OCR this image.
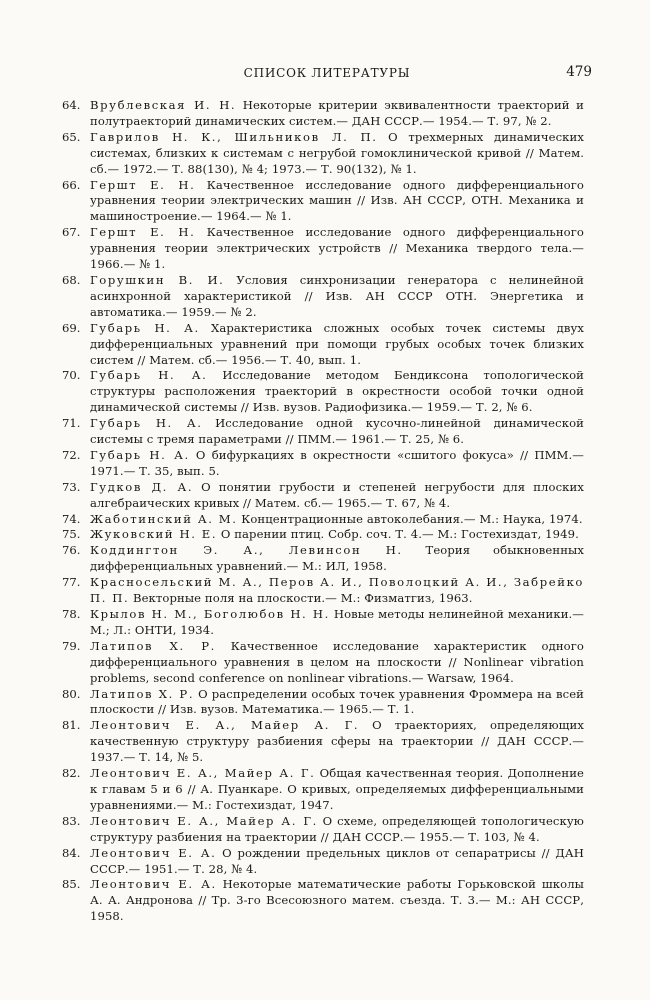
СПИСОК ЛИТЕРАТУРЫ	479
64. Врублевская И. Н. Некоторые критерии эквивалентности траекторий и полутраекторий динамических систем.— ДАН СССР.— 1954.— Т. 97, № 2.
65. Гаврилов Н. К., Шильников Л. П. О трехмерных динамических системах, близких к системам с негрубой гомоклинической кривой // Матем. сб.— 1972.— Т. 88(130), № 4; 1973.— Т. 90(132), № 1.
66. Гершт Е. Н. Качественное исследование одного дифференциального уравнения теории электрических машин // Изв. АН СССР, ОТН. Механика и машиностроение.— 1964.— № 1.
67. Гершт Е. Н. Качественное исследование одного дифференциального уравнения теории электрических устройств // Механика твердого тела.— 1966.— № 1.
68. Горушкин В. И. Условия синхронизации генератора с нелинейной асинхронной характеристикой // Изв. АН СССР ОТН. Энергетика и автоматика.— 1959.— № 2.
69. Губарь Н. А. Характеристика сложных особых точек системы двух дифференциальных уравнений при помощи грубых особых точек близких систем // Матем. сб.— 1956.— Т. 40, вып. 1.
70. Губарь Н. А. Исследование методом Бендиксона топологической структуры расположения траекторий в окрестности особой точки одной динамической системы // Изв. вузов. Радиофизика.— 1959.— Т. 2, № 6.
71. Губарь Н. А. Исследование одной кусочно-линейной динамической системы с тремя параметрами // ПММ.— 1961.— Т. 25, № 6.
72. Губарь Н. А. О бифуркациях в окрестности «сшитого фокуса» // ПММ.— 1971.— Т. 35, вып. 5.
73. Гудков Д. А. О понятии грубости и степеней негрубости для плоских алгебраических кривых // Матем. сб.— 1965.— Т. 67, № 4.
74. Жаботинский А. М. Концентрационные автоколебания.— М.: Наука, 1974.
75. Жуковский Н. Е. О парении птиц. Собр. соч. Т. 4.— М.: Гостехиздат, 1949.
76. Коддингтон Э. А., Левинсон Н. Теория обыкновенных дифференциальных уравнений.— М.: ИЛ, 1958.
77. Красносельский М. А., Перов А. И., Поволоцкий А. И., Забрейко П. П. Векторные поля на плоскости.— М.: Физматгиз, 1963.
78. Крылов Н. М., Боголюбов Н. Н. Новые методы нелинейной механики.— М.; Л.: ОНТИ, 1934.
79. Латипов Х. Р. Качественное исследование характеристик одного дифференциального уравнения в целом на плоскости // Nonlinear vibration problems, second conference on nonlinear vibrations.— Warsaw, 1964.
80. Латипов Х. Р. О распределении особых точек уравнения Фроммера на всей плоскости // Изв. вузов. Математика.— 1965.— Т. 1.
81. Леонтович Е. А., Майер А. Г. О траекториях, определяющих качественную структуру разбиения сферы на траектории // ДАН СССР.— 1937.— Т. 14, № 5.
82. Леонтович Е. А., Майер А. Г. Общая качественная теория. Дополнение к главам 5 и 6 // А. Пуанкаре. О кривых, определяемых дифференциальными уравнениями.— М.: Гостехиздат, 1947.
83. Леонтович Е. А., Майер А. Г. О схеме, определяющей топологическую структуру разбиения на траектории // ДАН СССР.— 1955.— Т. 103, № 4.
84. Леонтович Е. А. О рождении предельных циклов от сепаратрисы // ДАН СССР.— 1951.— Т. 28, № 4.
85. Леонтович Е. А. Некоторые математические работы Горьковской школы А. А. Андронова // Тр. 3-го Всесоюзного матем. съезда. Т. 3.— М.: АН СССР, 1958.
